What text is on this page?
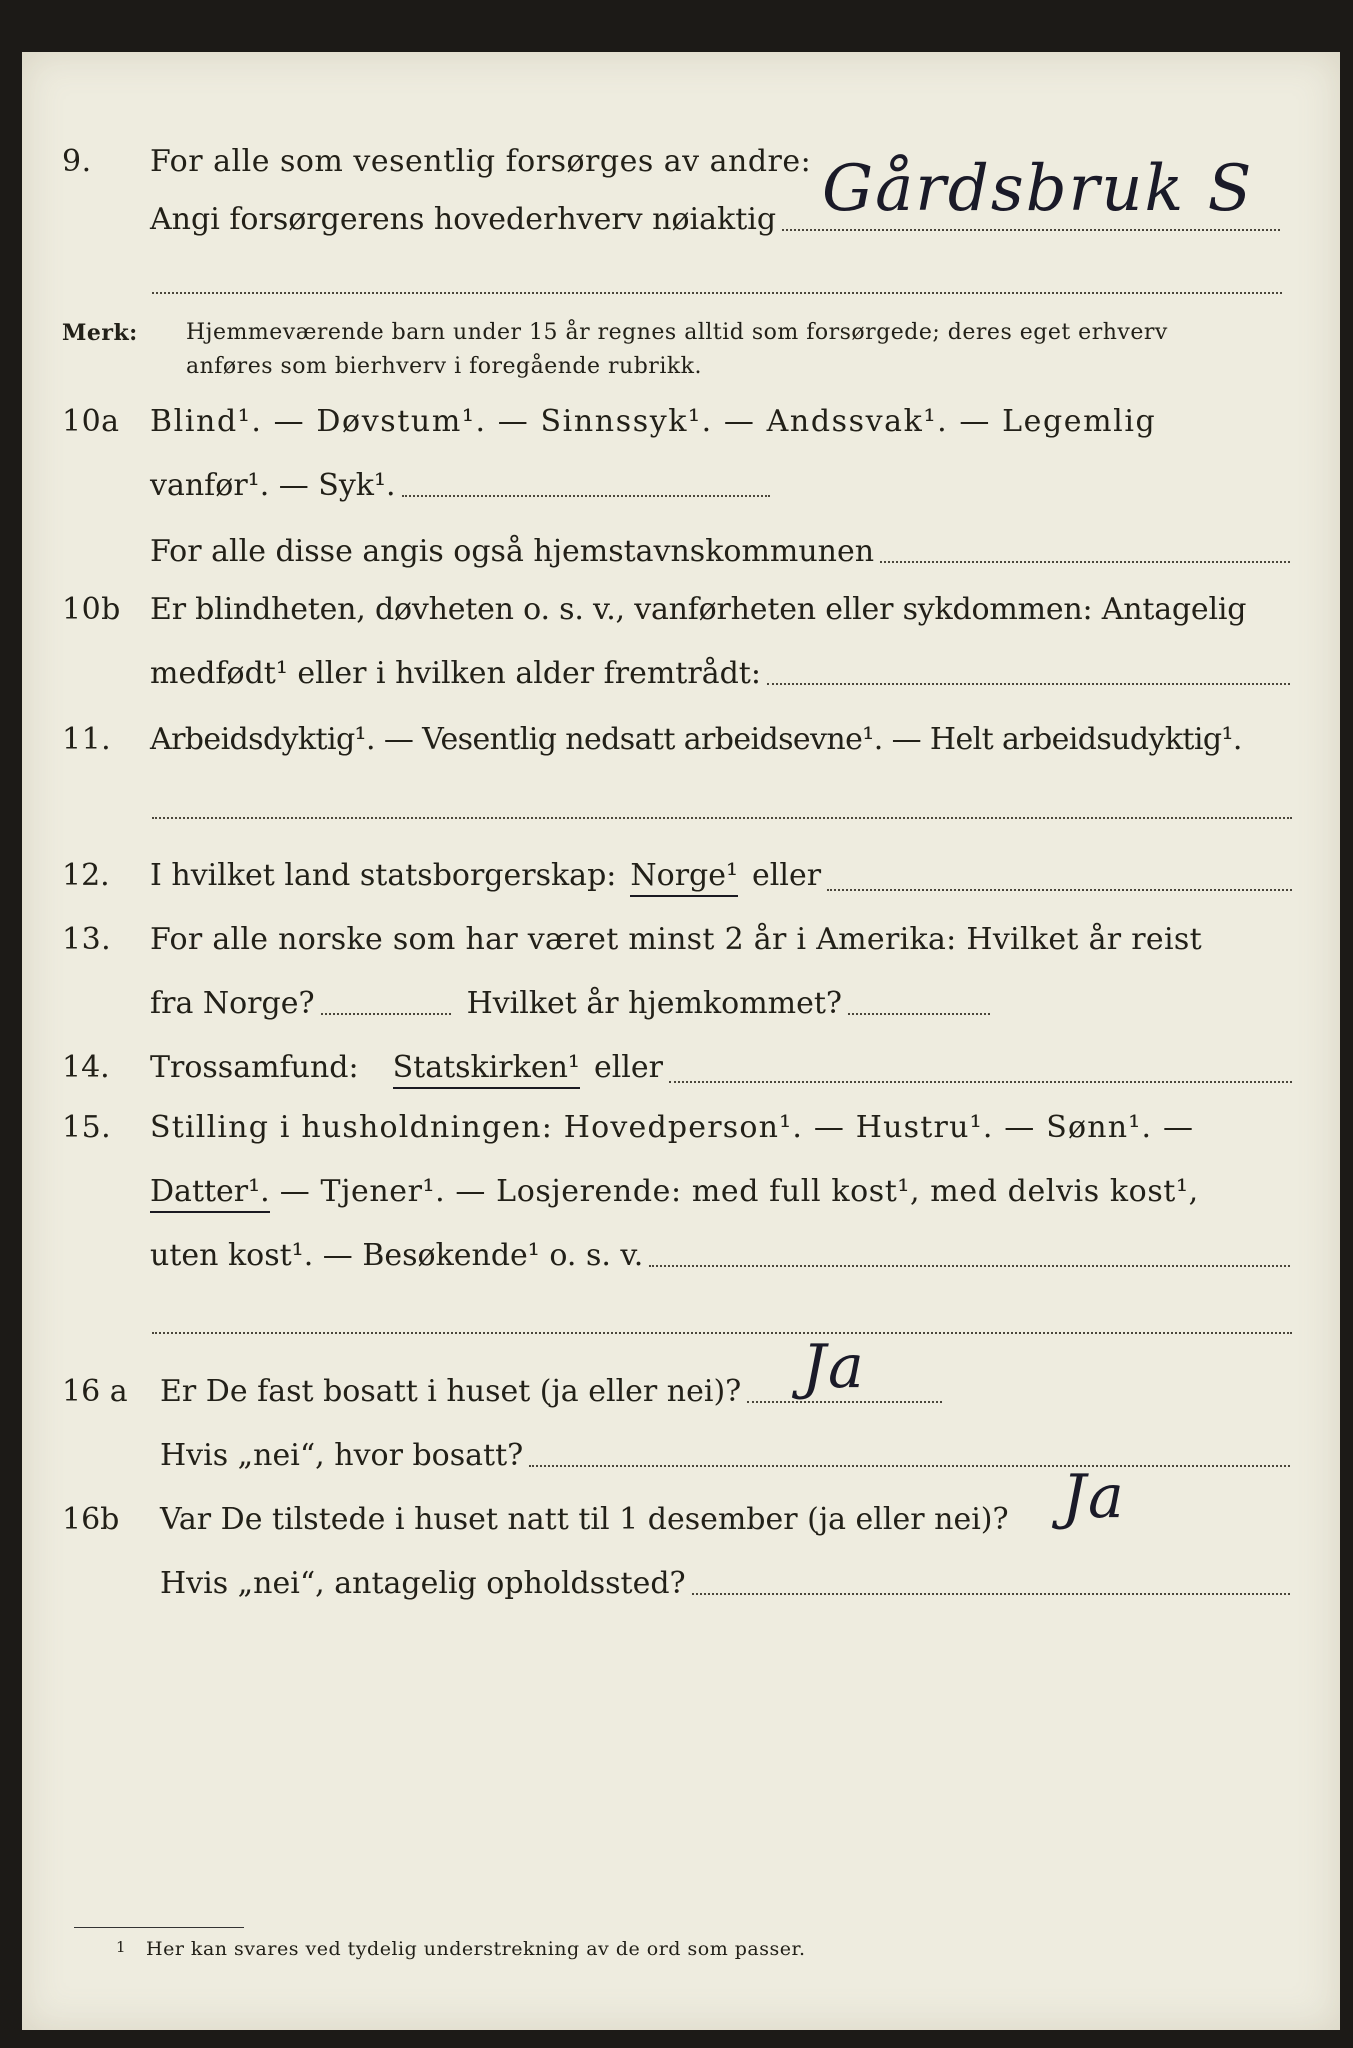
9. For alle som vesentlig forsørges av andre:
Angi forsørgerens hovederhverv nøiaktig Gårdsbruk S
Merk: Hjemmeværende barn under 15 år regnes alltid som forsørgede; deres eget erhverv
anføres som bierhverv i foregående rubrikk.
10a Blind¹. — Døvstum¹. — Sinnssyk¹. — Andssvak¹. — Legemlig
vanfør¹. — Syk¹.
For alle disse angis også hjemstavnskommunen
10b Er blindheten, døvheten o. s. v., vanførheten eller sykdommen: Antagelig
medfødt¹ eller i hvilken alder fremtrådt:
11. Arbeidsdyktig¹. — Vesentlig nedsatt arbeidsevne¹. — Helt arbeidsudyktig¹.
12.	I hvilket land statsborgerskap: Norge¹ eller
13. For alle norske som har været minst 2 år i Amerika: Hvilket år reist
fra Norge?	Hvilket år hjemkommet?
14.	Trossamfund: Statskirken¹ eller
15. Stilling i husholdningen: Hovedperson¹. — Hustru¹. — Sønn¹. —
Datter¹. — Tjener¹. — Losjerende: med full kost¹, med delvis kost¹,
uten kost¹. — Besøkende¹ o. s. v.
16 a	Er De fast bosatt i huset (ja eller nei)? Ja
Hvis „nei“, hvor bosatt?
16b	Var De tilstede i huset natt til 1 desember (ja eller nei)? Ja
Hvis „nei“, antagelig opholdssted?
1 Her kan svares ved tydelig understrekning av de ord som passer.
